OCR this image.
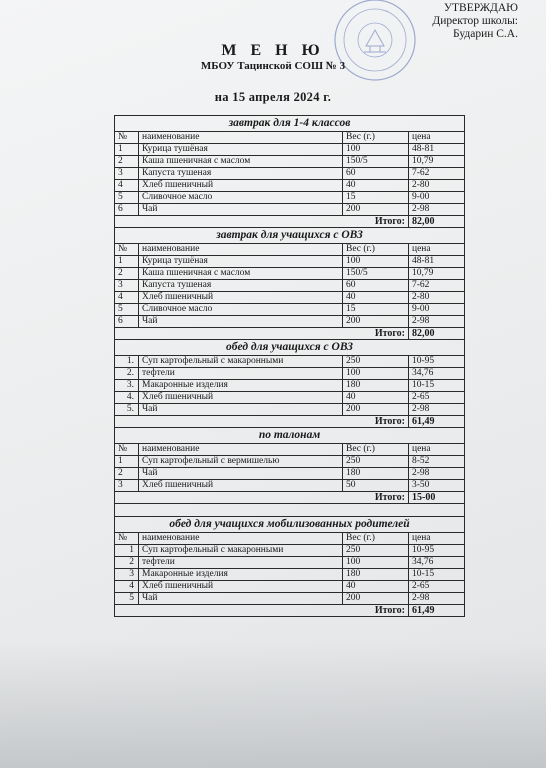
УТВЕРЖДАЮ
Директор школы:
Бударин С.А.
М Е Н Ю
МБОУ Тацинской СОШ № 3
на 15 апреля 2024 г.
завтрак для 1-4 классов			
№	наименование	Вес (г.)	цена
1	Курица тушёная	100	48-81
2	Каша пшеничная с маслом	150/5	10,79
3	Капуста тушеная	60	7-62
4	Хлеб пшеничный	40	2-80
5	Сливочное масло	15	9-00
6	Чай	200	2-98
Итого:			82,00
завтрак для учащихся с ОВЗ			
№	наименование	Вес (г.)	цена
1	Курица тушёная	100	48-81
2	Каша пшеничная с маслом	150/5	10,79
3	Капуста тушеная	60	7-62
4	Хлеб пшеничный	40	2-80
5	Сливочное масло	15	9-00
6	Чай	200	2-98
Итого:			82,00
обед для учащихся с ОВЗ			
1.	Суп картофельный с макаронными	250	10-95
2.	тефтели	100	34,76
3.	Макаронные изделия	180	10-15
4.	Хлеб пшеничный	40	2-65
5.	Чай	200	2-98
Итого:			61,49
по талонам			
№	наименование	Вес (г.)	цена
1	Суп картофельный с вермишелью	250	8-52
2	Чай	180	2-98
3	Хлеб пшеничный	50	3-50
Итого:			15-00

обед для учащихся мобилизованных родителей			
№	наименование	Вес (г.)	цена
1	Суп картофельный с макаронными	250	10-95
2	тефтели	100	34,76
3	Макаронные изделия	180	10-15
4	Хлеб пшеничный	40	2-65
5	Чай	200	2-98
Итого:			61,49
